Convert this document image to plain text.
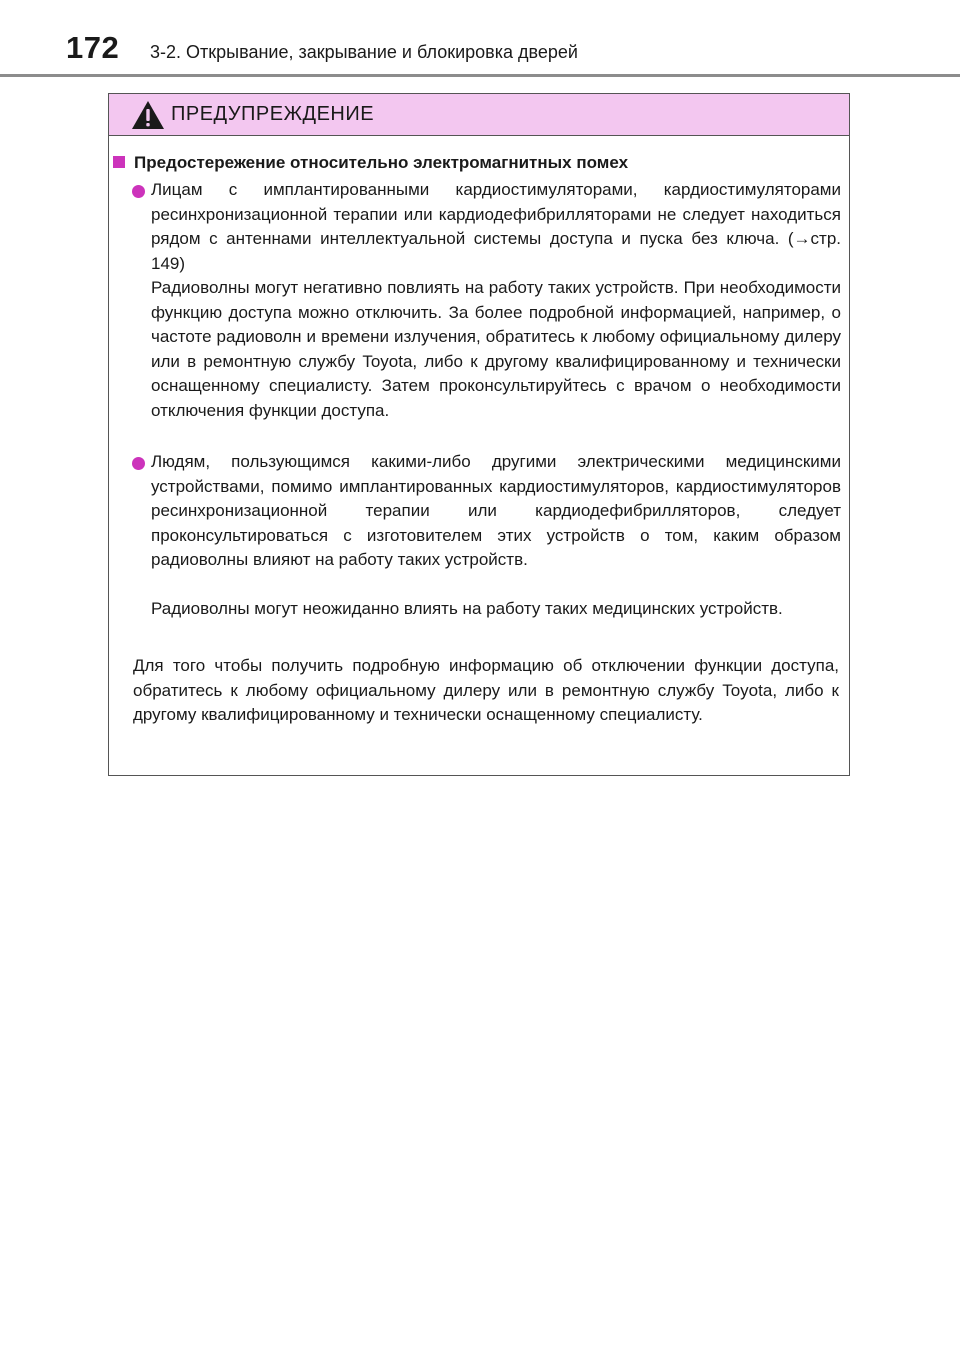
172 3-2. Открывание, закрывание и блокировка дверей
ПРЕДУПРЕЖДЕНИЕ
Предостережение относительно электромагнитных помех

Лицам с имплантированными кардиостимуляторами, кардиостимуляторами ресинхронизационной терапии или кардиодефибрилляторами не следует находиться рядом с антеннами интеллектуальной системы доступа и пуска без ключа. (→стр. 149)

Радиоволны могут негативно повлиять на работу таких устройств. При необходимости функцию доступа можно отключить. За более подробной информацией, например, о частоте радиоволн и времени излучения, обратитесь к любому официальному дилеру или в ремонтную службу Toyota, либо к другому квалифицированному и технически оснащенному специалисту. Затем проконсультируйтесь с врачом о необходимости отключения функции доступа.

Людям, пользующимся какими-либо другими электрическими медицинскими устройствами, помимо имплантированных кардиостимуляторов, кардиостимуляторов ресинхронизационной терапии или кардиодефибрилляторов, следует проконсультироваться с изготовителем этих устройств о том, каким образом радиоволны влияют на работу таких устройств.

Радиоволны могут неожиданно влиять на работу таких медицинских устройств.

Для того чтобы получить подробную информацию об отключении функции доступа, обратитесь к любому официальному дилеру или в ремонтную службу Toyota, либо к другому квалифицированному и технически оснащенному специалисту.
